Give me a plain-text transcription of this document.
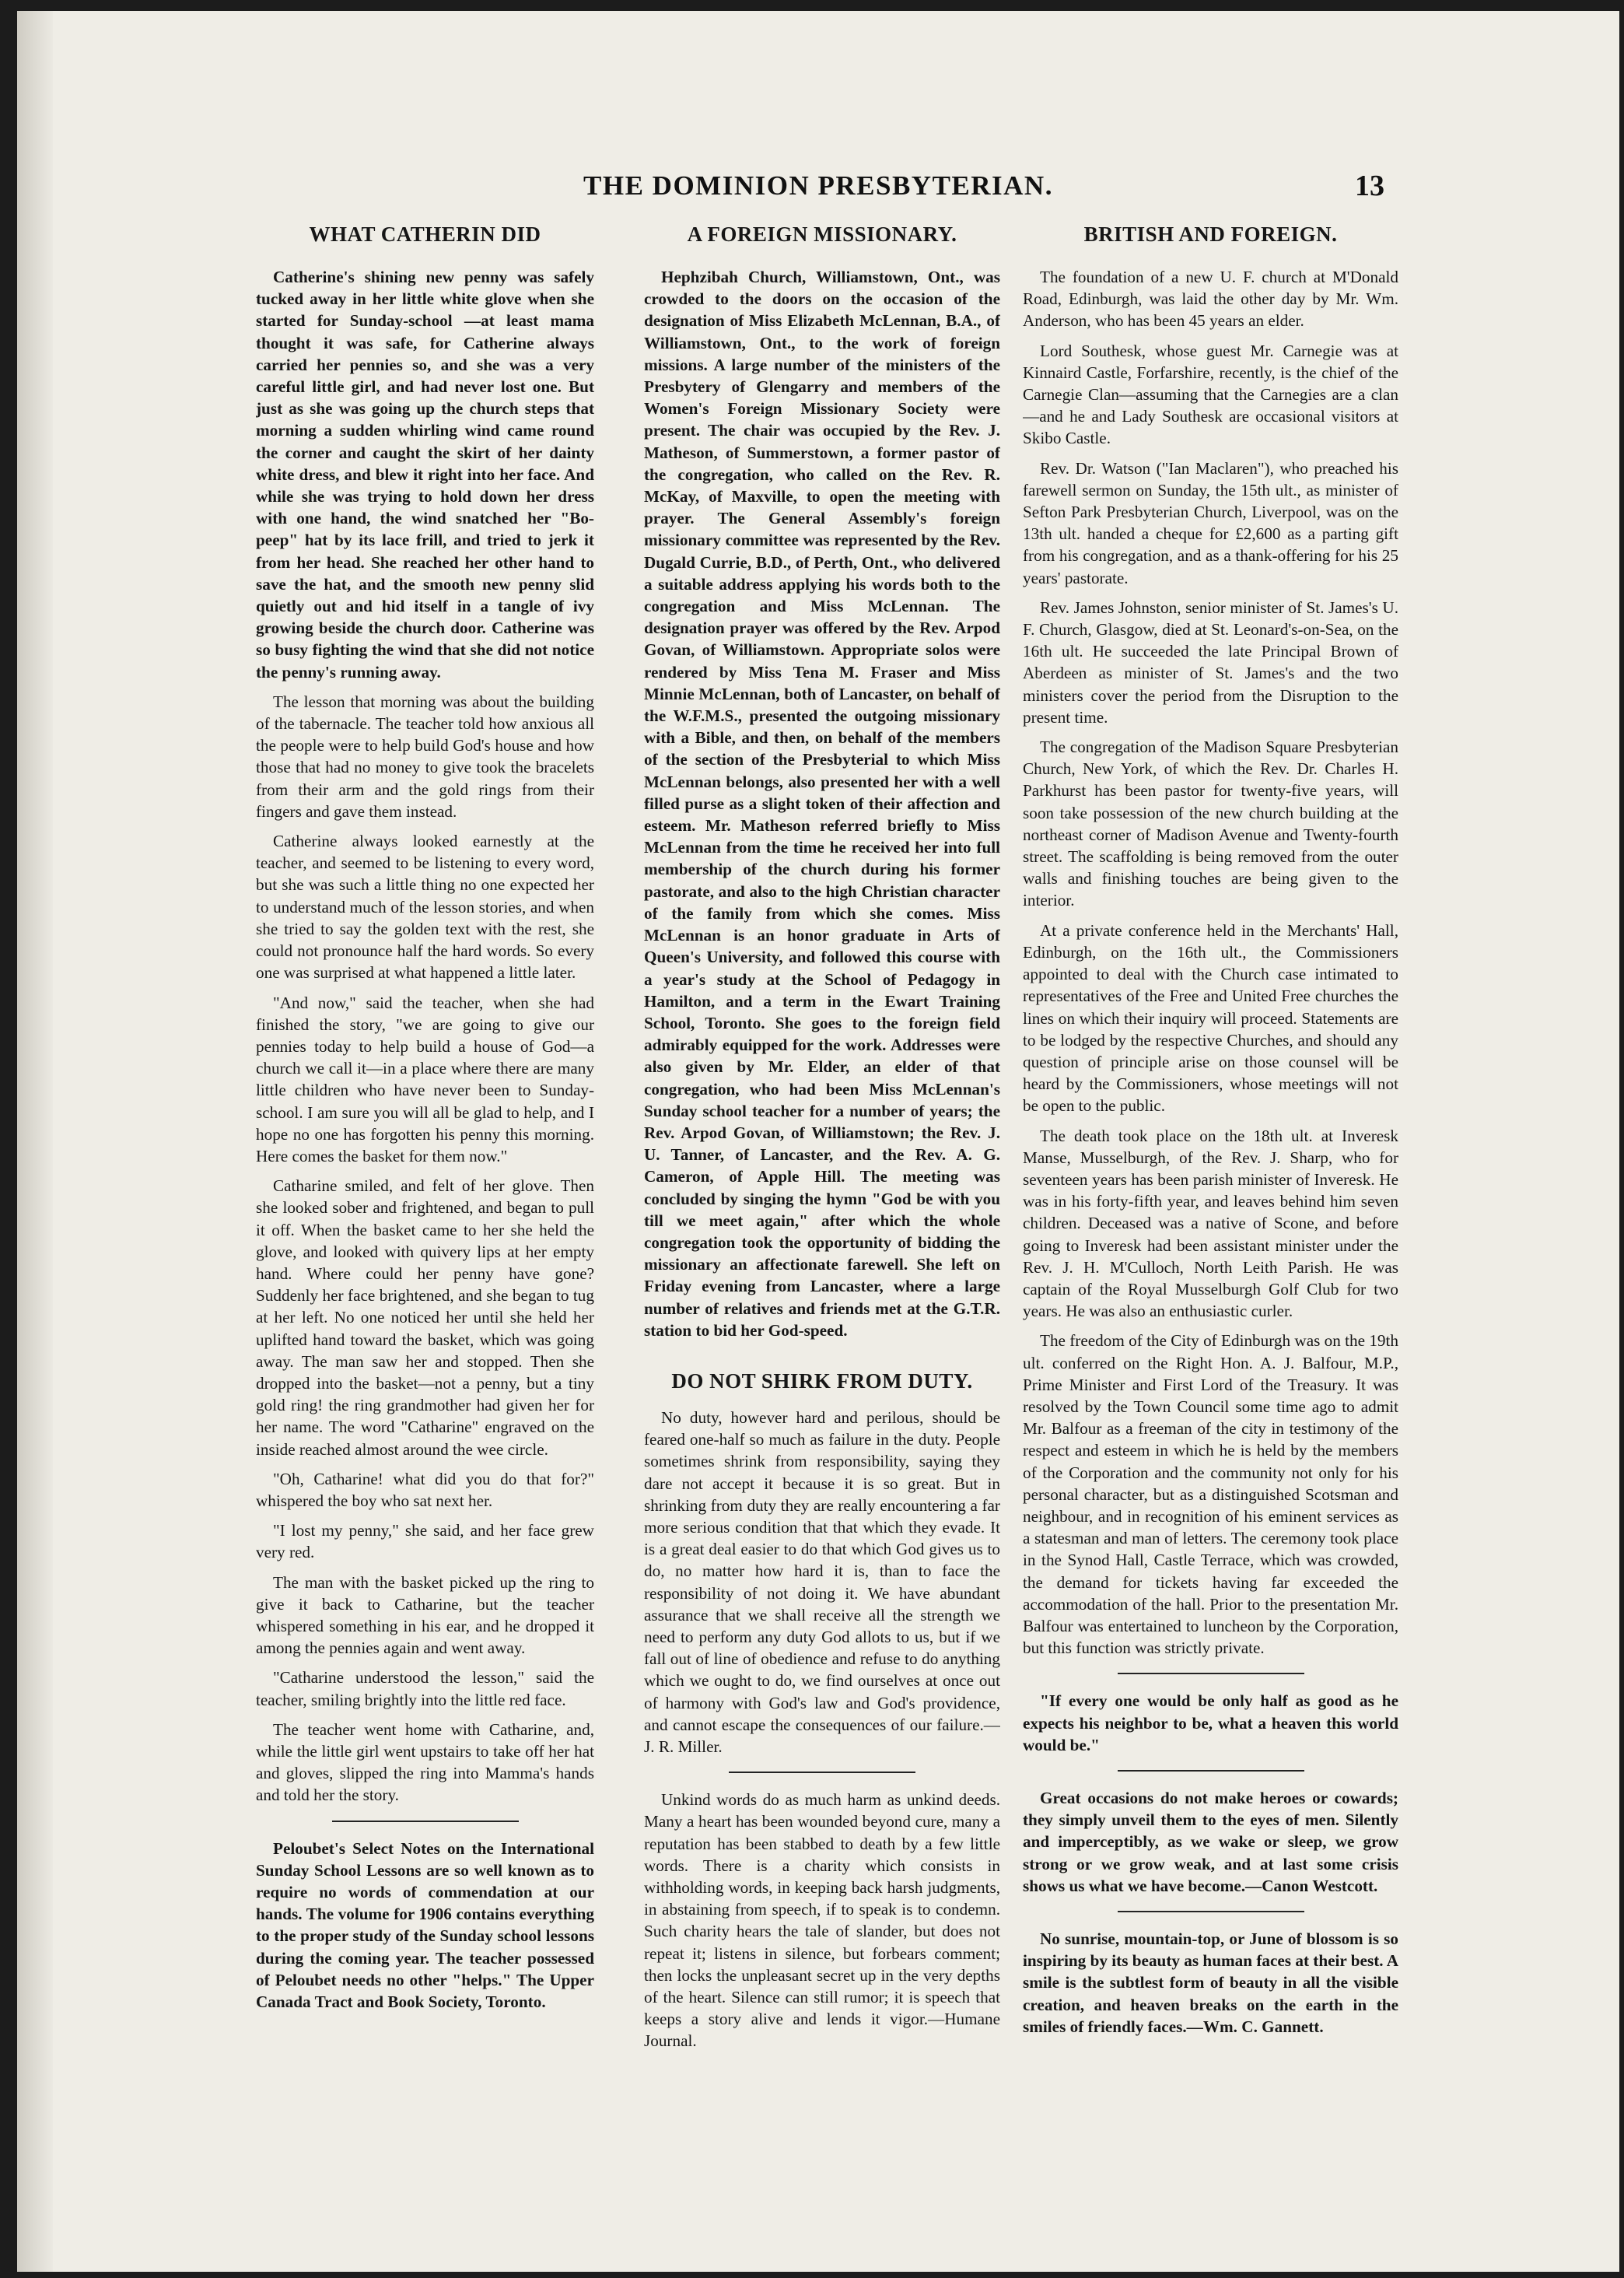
THE DOMINION PRESBYTERIAN.	13
WHAT CATHERIN DID

Catherine's shining new penny was safely tucked away in her little white glove when she started for Sunday-school —at least mama thought it was safe, for Catherine always carried her pennies so, and she was a very careful little girl, and had never lost one. But just as she was going up the church steps that morning a sudden whirling wind came round the corner and caught the skirt of her dainty white dress, and blew it right into her face. And while she was trying to hold down her dress with one hand, the wind snatched her "Bo-peep" hat by its lace frill, and tried to jerk it from her head. She reached her other hand to save the hat, and the smooth new penny slid quietly out and hid itself in a tangle of ivy growing beside the church door. Catherine was so busy fighting the wind that she did not notice the penny's running away.

The lesson that morning was about the building of the tabernacle. The teacher told how anxious all the people were to help build God's house and how those that had no money to give took the bracelets from their arm and the gold rings from their fingers and gave them instead.

Catherine always looked earnestly at the teacher, and seemed to be listening to every word, but she was such a little thing no one expected her to understand much of the lesson stories, and when she tried to say the golden text with the rest, she could not pronounce half the hard words. So every one was surprised at what happened a little later.

"And now," said the teacher, when she had finished the story, "we are going to give our pennies today to help build a house of God—a church we call it—in a place where there are many little children who have never been to Sunday-school. I am sure you will all be glad to help, and I hope no one has forgotten his penny this morning. Here comes the basket for them now."

Catharine smiled, and felt of her glove. Then she looked sober and frightened, and began to pull it off. When the basket came to her she held the glove, and looked with quivery lips at her empty hand. Where could her penny have gone? Suddenly her face brightened, and she began to tug at her left. No one noticed her until she held her uplifted hand toward the basket, which was going away. The man saw her and stopped. Then she dropped into the basket—not a penny, but a tiny gold ring! the ring grandmother had given her for her name. The word "Catharine" engraved on the inside reached almost around the wee circle.

"Oh, Catharine! what did you do that for?" whispered the boy who sat next her.

"I lost my penny," she said, and her face grew very red.

The man with the basket picked up the ring to give it back to Catharine, but the teacher whispered something in his ear, and he dropped it among the pennies again and went away.

"Catharine understood the lesson," said the teacher, smiling brightly into the little red face.

The teacher went home with Catharine, and, while the little girl went upstairs to take off her hat and gloves, slipped the ring into Mamma's hands and told her the story.

Peloubet's Select Notes on the International Sunday School Lessons are so well known as to require no words of commendation at our hands. The volume for 1906 contains everything to the proper study of the Sunday school lessons during the coming year. The teacher possessed of Peloubet needs no other "helps." The Upper Canada Tract and Book Society, Toronto.

A FOREIGN MISSIONARY.

Hephzibah Church, Williamstown, Ont., was crowded to the doors on the occasion of the designation of Miss Elizabeth McLennan, B.A., of Williamstown, Ont., to the work of foreign missions. A large number of the ministers of the Presbytery of Glengarry and members of the Women's Foreign Missionary Society were present. The chair was occupied by the Rev. J. Matheson, of Summerstown, a former pastor of the congregation, who called on the Rev. R. McKay, of Maxville, to open the meeting with prayer. The General Assembly's foreign missionary committee was represented by the Rev. Dugald Currie, B.D., of Perth, Ont., who delivered a suitable address applying his words both to the congregation and Miss McLennan. The designation prayer was offered by the Rev. Arpod Govan, of Williamstown. Appropriate solos were rendered by Miss Tena M. Fraser and Miss Minnie McLennan, both of Lancaster, on behalf of the W.F.M.S., presented the outgoing missionary with a Bible, and then, on behalf of the members of the section of the Presbyterial to which Miss McLennan belongs, also presented her with a well filled purse as a slight token of their affection and esteem. Mr. Matheson referred briefly to Miss McLennan from the time he received her into full membership of the church during his former pastorate, and also to the high Christian character of the family from which she comes. Miss McLennan is an honor graduate in Arts of Queen's University, and followed this course with a year's study at the School of Pedagogy in Hamilton, and a term in the Ewart Training School, Toronto. She goes to the foreign field admirably equipped for the work. Addresses were also given by Mr. Elder, an elder of that congregation, who had been Miss McLennan's Sunday school teacher for a number of years; the Rev. Arpod Govan, of Williamstown; the Rev. J. U. Tanner, of Lancaster, and the Rev. A. G. Cameron, of Apple Hill. The meeting was concluded by singing the hymn "God be with you till we meet again," after which the whole congregation took the opportunity of bidding the missionary an affectionate farewell. She left on Friday evening from Lancaster, where a large number of relatives and friends met at the G.T.R. station to bid her God-speed.

DO NOT SHIRK FROM DUTY.

No duty, however hard and perilous, should be feared one-half so much as failure in the duty. People sometimes shrink from responsibility, saying they dare not accept it because it is so great. But in shrinking from duty they are really encountering a far more serious condition that that which they evade. It is a great deal easier to do that which God gives us to do, no matter how hard it is, than to face the responsibility of not doing it. We have abundant assurance that we shall receive all the strength we need to perform any duty God allots to us, but if we fall out of line of obedience and refuse to do anything which we ought to do, we find ourselves at once out of harmony with God's law and God's providence, and cannot escape the consequences of our failure.—J. R. Miller.

Unkind words do as much harm as unkind deeds. Many a heart has been wounded beyond cure, many a reputation has been stabbed to death by a few little words. There is a charity which consists in withholding words, in keeping back harsh judgments, in abstaining from speech, if to speak is to condemn. Such charity hears the tale of slander, but does not repeat it; listens in silence, but forbears comment; then locks the unpleasant secret up in the very depths of the heart. Silence can still rumor; it is speech that keeps a story alive and lends it vigor.—Humane Journal.

BRITISH AND FOREIGN.

The foundation of a new U. F. church at M'Donald Road, Edinburgh, was laid the other day by Mr. Wm. Anderson, who has been 45 years an elder.

Lord Southesk, whose guest Mr. Carnegie was at Kinnaird Castle, Forfarshire, recently, is the chief of the Carnegie Clan—assuming that the Carnegies are a clan—and he and Lady Southesk are occasional visitors at Skibo Castle.

Rev. Dr. Watson ("Ian Maclaren"), who preached his farewell sermon on Sunday, the 15th ult., as minister of Sefton Park Presbyterian Church, Liverpool, was on the 13th ult. handed a cheque for £2,600 as a parting gift from his congregation, and as a thank-offering for his 25 years' pastorate.

Rev. James Johnston, senior minister of St. James's U. F. Church, Glasgow, died at St. Leonard's-on-Sea, on the 16th ult. He succeeded the late Principal Brown of Aberdeen as minister of St. James's and the two ministers cover the period from the Disruption to the present time.

The congregation of the Madison Square Presbyterian Church, New York, of which the Rev. Dr. Charles H. Parkhurst has been pastor for twenty-five years, will soon take possession of the new church building at the northeast corner of Madison Avenue and Twenty-fourth street. The scaffolding is being removed from the outer walls and finishing touches are being given to the interior.

At a private conference held in the Merchants' Hall, Edinburgh, on the 16th ult., the Commissioners appointed to deal with the Church case intimated to representatives of the Free and United Free churches the lines on which their inquiry will proceed. Statements are to be lodged by the respective Churches, and should any question of principle arise on those counsel will be heard by the Commissioners, whose meetings will not be open to the public.

The death took place on the 18th ult. at Inveresk Manse, Musselburgh, of the Rev. J. Sharp, who for seventeen years has been parish minister of Inveresk. He was in his forty-fifth year, and leaves behind him seven children. Deceased was a native of Scone, and before going to Inveresk had been assistant minister under the Rev. J. H. M'Culloch, North Leith Parish. He was captain of the Royal Musselburgh Golf Club for two years. He was also an enthusiastic curler.

The freedom of the City of Edinburgh was on the 19th ult. conferred on the Right Hon. A. J. Balfour, M.P., Prime Minister and First Lord of the Treasury. It was resolved by the Town Council some time ago to admit Mr. Balfour as a freeman of the city in testimony of the respect and esteem in which he is held by the members of the Corporation and the community not only for his personal character, but as a distinguished Scotsman and neighbour, and in recognition of his eminent services as a statesman and man of letters. The ceremony took place in the Synod Hall, Castle Terrace, which was crowded, the demand for tickets having far exceeded the accommodation of the hall. Prior to the presentation Mr. Balfour was entertained to luncheon by the Corporation, but this function was strictly private.

"If every one would be only half as good as he expects his neighbor to be, what a heaven this world would be."

Great occasions do not make heroes or cowards; they simply unveil them to the eyes of men. Silently and imperceptibly, as we wake or sleep, we grow strong or we grow weak, and at last some crisis shows us what we have become.—Canon Westcott.

No sunrise, mountain-top, or June of blossom is so inspiring by its beauty as human faces at their best. A smile is the subtlest form of beauty in all the visible creation, and heaven breaks on the earth in the smiles of friendly faces.—Wm. C. Gannett.
